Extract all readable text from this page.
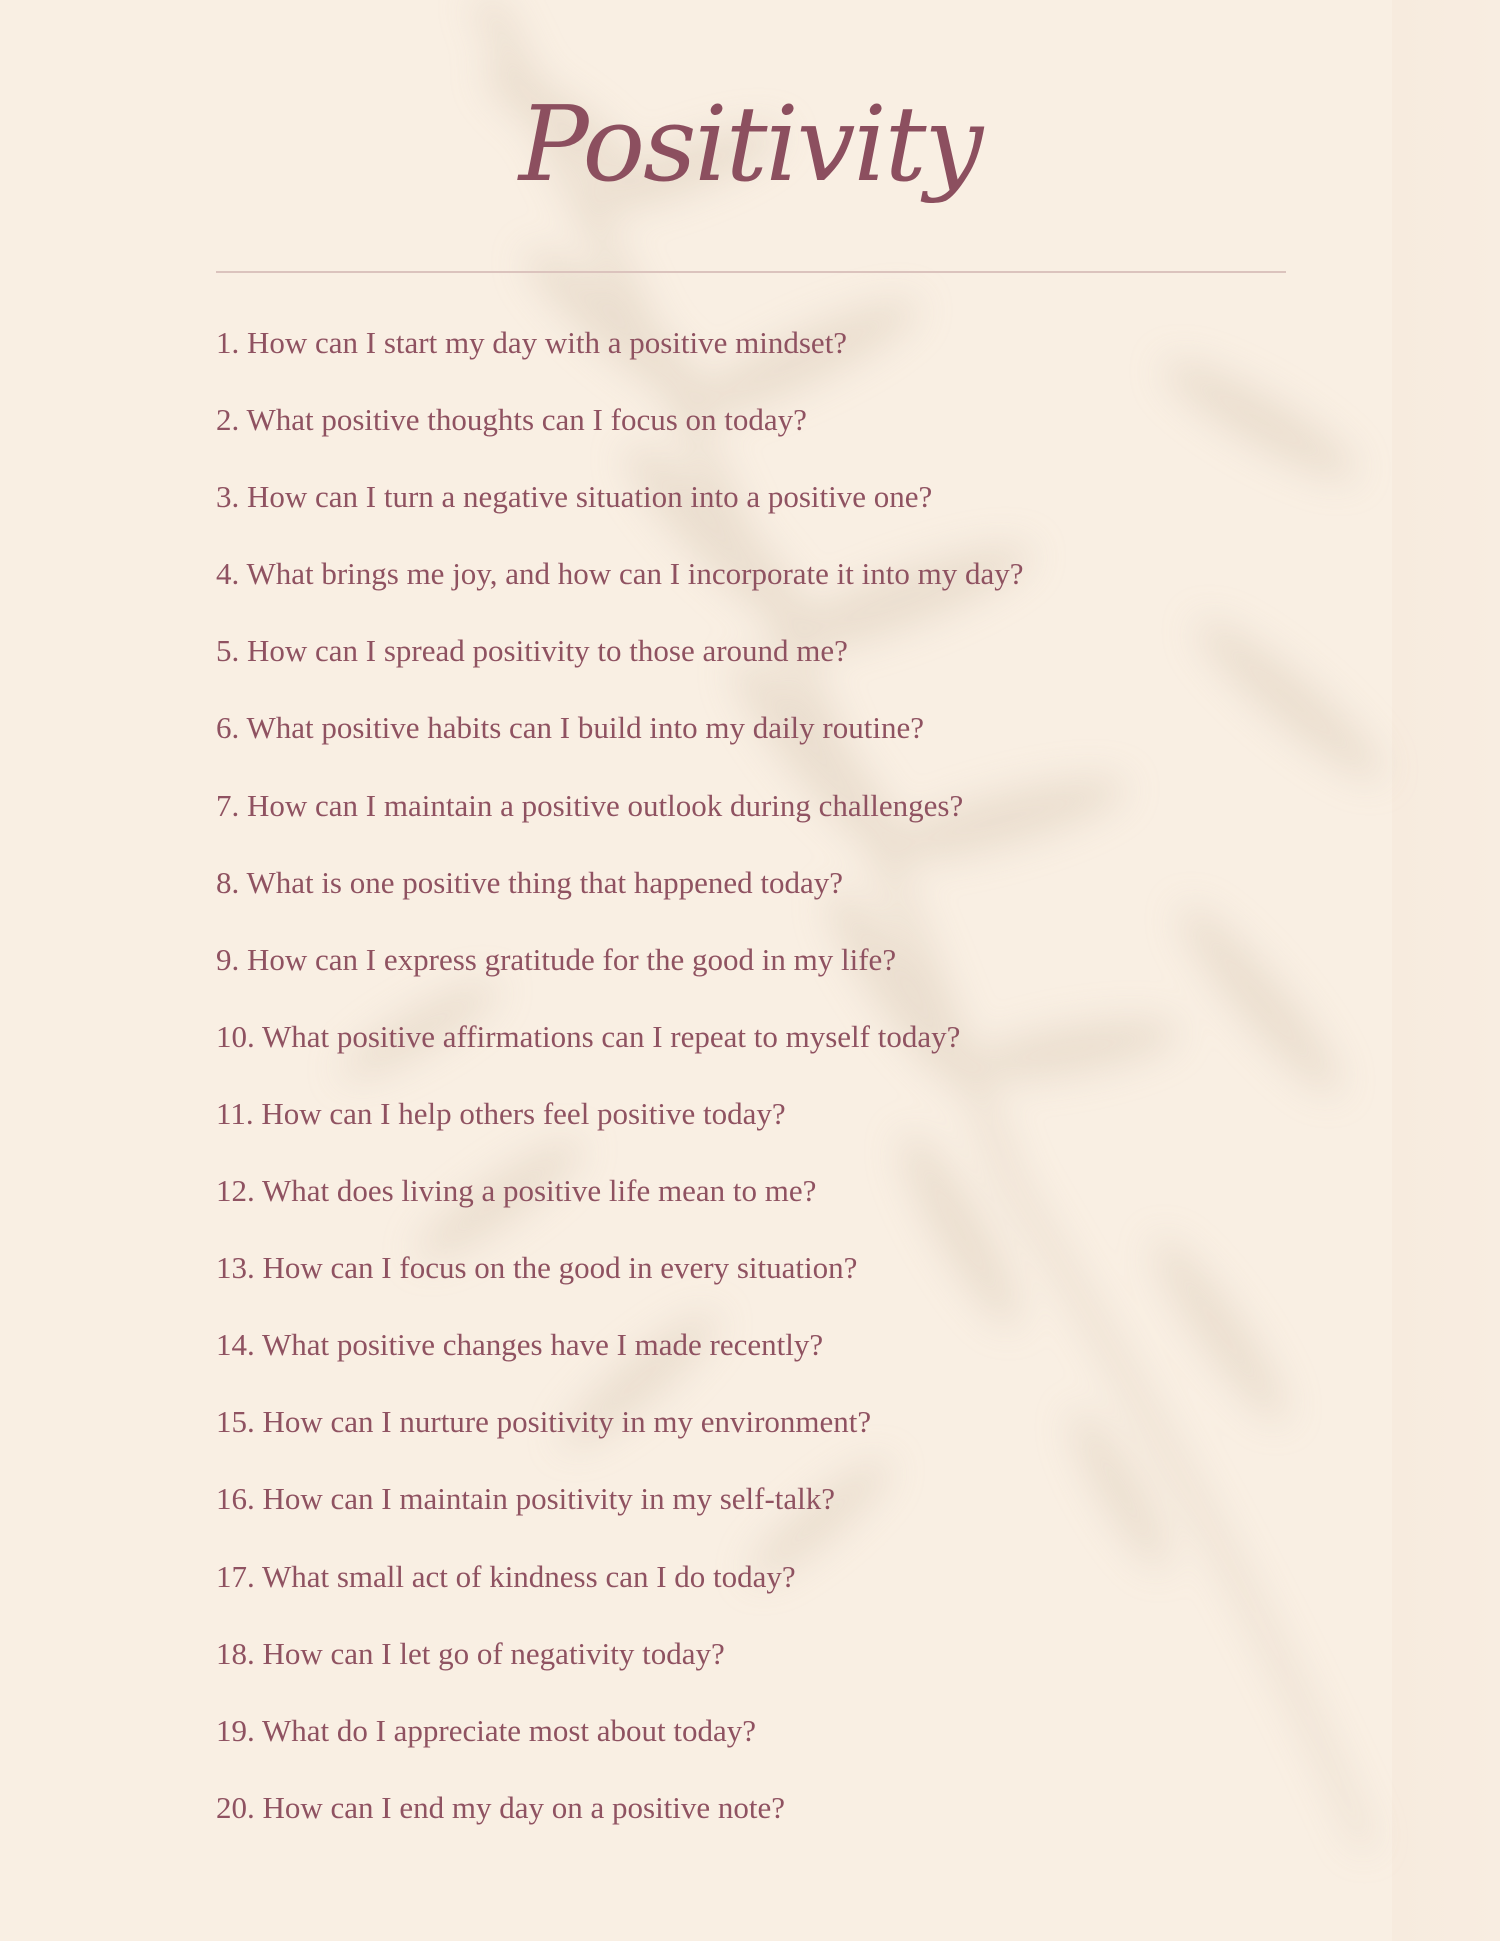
Positivity
1. How can I start my day with a positive mindset?
2. What positive thoughts can I focus on today?
3. How can I turn a negative situation into a positive one?
4. What brings me joy, and how can I incorporate it into my day?
5. How can I spread positivity to those around me?
6. What positive habits can I build into my daily routine?
7. How can I maintain a positive outlook during challenges?
8. What is one positive thing that happened today?
9. How can I express gratitude for the good in my life?
10. What positive affirmations can I repeat to myself today?
11. How can I help others feel positive today?
12. What does living a positive life mean to me?
13. How can I focus on the good in every situation?
14. What positive changes have I made recently?
15. How can I nurture positivity in my environment?
16. How can I maintain positivity in my self-talk?
17. What small act of kindness can I do today?
18. How can I let go of negativity today?
19. What do I appreciate most about today?
20. How can I end my day on a positive note?
